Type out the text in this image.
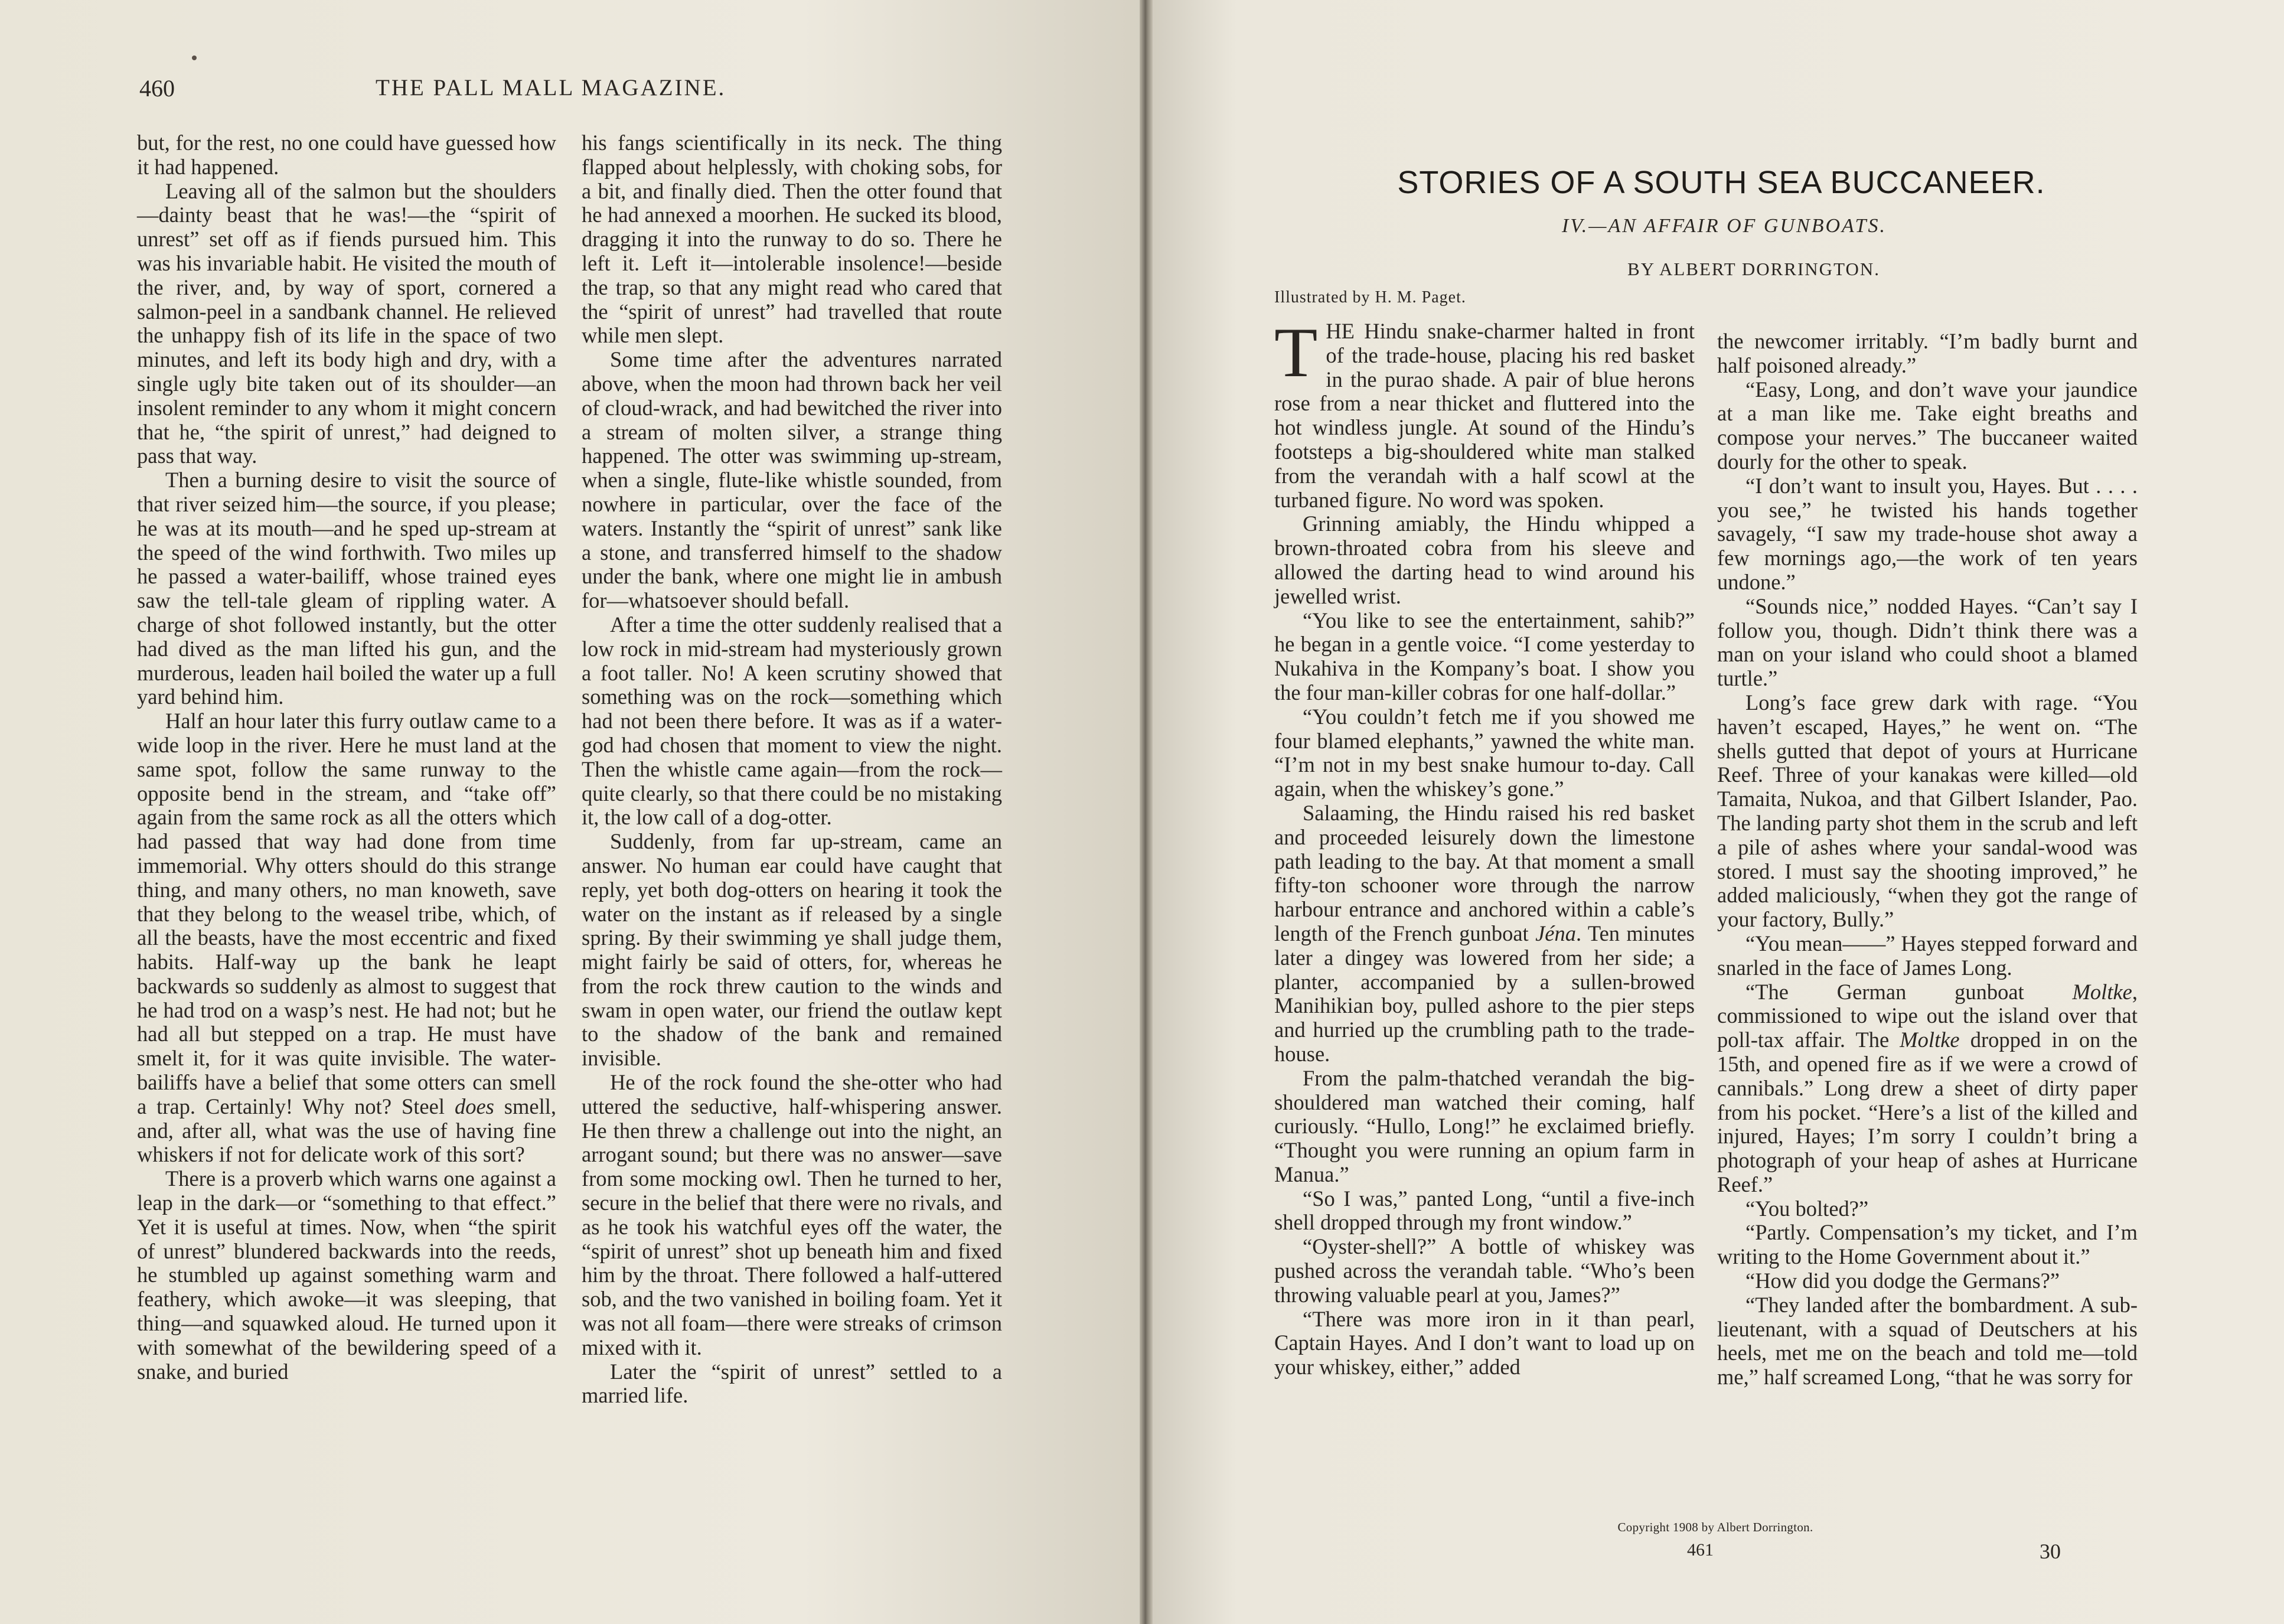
460	THE PALL MALL MAGAZINE.

but, for the rest, no one could have guessed how it had happened.

Leaving all of the salmon but the shoulders—dainty beast that he was!—the “spirit of unrest” set off as if fiends pursued him. This was his invariable habit. He visited the mouth of the river, and, by way of sport, cornered a salmon-peel in a sandbank channel. He relieved the unhappy fish of its life in the space of two minutes, and left its body high and dry, with a single ugly bite taken out of its shoulder—an insolent reminder to any whom it might concern that he, “the spirit of unrest,” had deigned to pass that way.

Then a burning desire to visit the source of that river seized him—the source, if you please; he was at its mouth—and he sped up-stream at the speed of the wind forthwith. Two miles up he passed a water-bailiff, whose trained eyes saw the tell-tale gleam of rippling water. A charge of shot followed instantly, but the otter had dived as the man lifted his gun, and the murderous, leaden hail boiled the water up a full yard behind him.

Half an hour later this furry outlaw came to a wide loop in the river. Here he must land at the same spot, follow the same runway to the opposite bend in the stream, and “take off” again from the same rock as all the otters which had passed that way had done from time immemorial. Why otters should do this strange thing, and many others, no man knoweth, save that they belong to the weasel tribe, which, of all the beasts, have the most eccentric and fixed habits. Half-way up the bank he leapt backwards so suddenly as almost to suggest that he had trod on a wasp’s nest. He had not; but he had all but stepped on a trap. He must have smelt it, for it was quite invisible. The water-bailiffs have a belief that some otters can smell a trap. Certainly! Why not? Steel does smell, and, after all, what was the use of having fine whiskers if not for delicate work of this sort?

There is a proverb which warns one against a leap in the dark—or “something to that effect.” Yet it is useful at times. Now, when “the spirit of unrest” blundered backwards into the reeds, he stumbled up against something warm and feathery, which awoke—it was sleeping, that thing—and squawked aloud. He turned upon it with somewhat of the bewildering speed of a snake, and buried

his fangs scientifically in its neck. The thing flapped about helplessly, with choking sobs, for a bit, and finally died. Then the otter found that he had annexed a moorhen. He sucked its blood, dragging it into the runway to do so. There he left it. Left it—intolerable insolence!—beside the trap, so that any might read who cared that the “spirit of unrest” had travelled that route while men slept.

Some time after the adventures narrated above, when the moon had thrown back her veil of cloud-wrack, and had bewitched the river into a stream of molten silver, a strange thing happened. The otter was swimming up-stream, when a single, flute-like whistle sounded, from nowhere in particular, over the face of the waters. Instantly the “spirit of unrest” sank like a stone, and transferred himself to the shadow under the bank, where one might lie in ambush for—whatsoever should befall.

After a time the otter suddenly realised that a low rock in mid-stream had mysteriously grown a foot taller. No! A keen scrutiny showed that something was on the rock—something which had not been there before. It was as if a water-god had chosen that moment to view the night. Then the whistle came again—from the rock—quite clearly, so that there could be no mistaking it, the low call of a dog-otter.

Suddenly, from far up-stream, came an answer. No human ear could have caught that reply, yet both dog-otters on hearing it took the water on the instant as if released by a single spring. By their swimming ye shall judge them, might fairly be said of otters, for, whereas he from the rock threw caution to the winds and swam in open water, our friend the outlaw kept to the shadow of the bank and remained invisible.

He of the rock found the she-otter who had uttered the seductive, half-whispering answer. He then threw a challenge out into the night, an arrogant sound; but there was no answer—save from some mocking owl. Then he turned to her, secure in the belief that there were no rivals, and as he took his watchful eyes off the water, the “spirit of unrest” shot up beneath him and fixed him by the throat. There followed a half-uttered sob, and the two vanished in boiling foam. Yet it was not all foam—there were streaks of crimson mixed with it.

Later the “spirit of unrest” settled to a married life.

STORIES OF A SOUTH SEA BUCCANEER.
IV.—AN AFFAIR OF GUNBOATS.
BY ALBERT DORRINGTON.
Illustrated by H. M. Paget.

THE Hindu snake-charmer halted in front of the trade-house, placing his red basket in the purao shade. A pair of blue herons rose from a near thicket and fluttered into the hot windless jungle. At sound of the Hindu’s footsteps a big-shouldered white man stalked from the verandah with a half scowl at the turbaned figure. No word was spoken.

Grinning amiably, the Hindu whipped a brown-throated cobra from his sleeve and allowed the darting head to wind around his jewelled wrist.

“You like to see the entertainment, sahib?” he began in a gentle voice. “I come yesterday to Nukahiva in the Kompany’s boat. I show you the four man-killer cobras for one half-dollar.”

“You couldn’t fetch me if you showed me four blamed elephants,” yawned the white man. “I’m not in my best snake humour to-day. Call again, when the whiskey’s gone.”

Salaaming, the Hindu raised his red basket and proceeded leisurely down the limestone path leading to the bay. At that moment a small fifty-ton schooner wore through the narrow harbour entrance and anchored within a cable’s length of the French gunboat Jéna. Ten minutes later a dingey was lowered from her side; a planter, accompanied by a sullen-browed Manihikian boy, pulled ashore to the pier steps and hurried up the crumbling path to the trade-house.

From the palm-thatched verandah the big-shouldered man watched their coming, half curiously. “Hullo, Long!” he exclaimed briefly. “Thought you were running an opium farm in Manua.”

“So I was,” panted Long, “until a five-inch shell dropped through my front window.”

“Oyster-shell?” A bottle of whiskey was pushed across the verandah table. “Who’s been throwing valuable pearl at you, James?”

“There was more iron in it than pearl, Captain Hayes. And I don’t want to load up on your whiskey, either,” added

the newcomer irritably. “I’m badly burnt and half poisoned already.”

“Easy, Long, and don’t wave your jaundice at a man like me. Take eight breaths and compose your nerves.” The buccaneer waited dourly for the other to speak.

“I don’t want to insult you, Hayes. But . . . . you see,” he twisted his hands together savagely, “I saw my trade-house shot away a few mornings ago,—the work of ten years undone.”

“Sounds nice,” nodded Hayes. “Can’t say I follow you, though. Didn’t think there was a man on your island who could shoot a blamed turtle.”

Long’s face grew dark with rage. “You haven’t escaped, Hayes,” he went on. “The shells gutted that depot of yours at Hurricane Reef. Three of your kanakas were killed—old Tamaita, Nukoa, and that Gilbert Islander, Pao. The landing party shot them in the scrub and left a pile of ashes where your sandal-wood was stored. I must say the shooting improved,” he added maliciously, “when they got the range of your factory, Bully.”

“You mean——” Hayes stepped forward and snarled in the face of James Long.

“The German gunboat Moltke, commissioned to wipe out the island over that poll-tax affair. The Moltke dropped in on the 15th, and opened fire as if we were a crowd of cannibals.” Long drew a sheet of dirty paper from his pocket. “Here’s a list of the killed and injured, Hayes; I’m sorry I couldn’t bring a photograph of your heap of ashes at Hurricane Reef.”

“You bolted?”

“Partly. Compensation’s my ticket, and I’m writing to the Home Government about it.”

“How did you dodge the Germans?”

“They landed after the bombardment. A sub-lieutenant, with a squad of Deutschers at his heels, met me on the beach and told me—told me,” half screamed Long, “that he was sorry for

Copyright 1908 by Albert Dorrington.
461	30
